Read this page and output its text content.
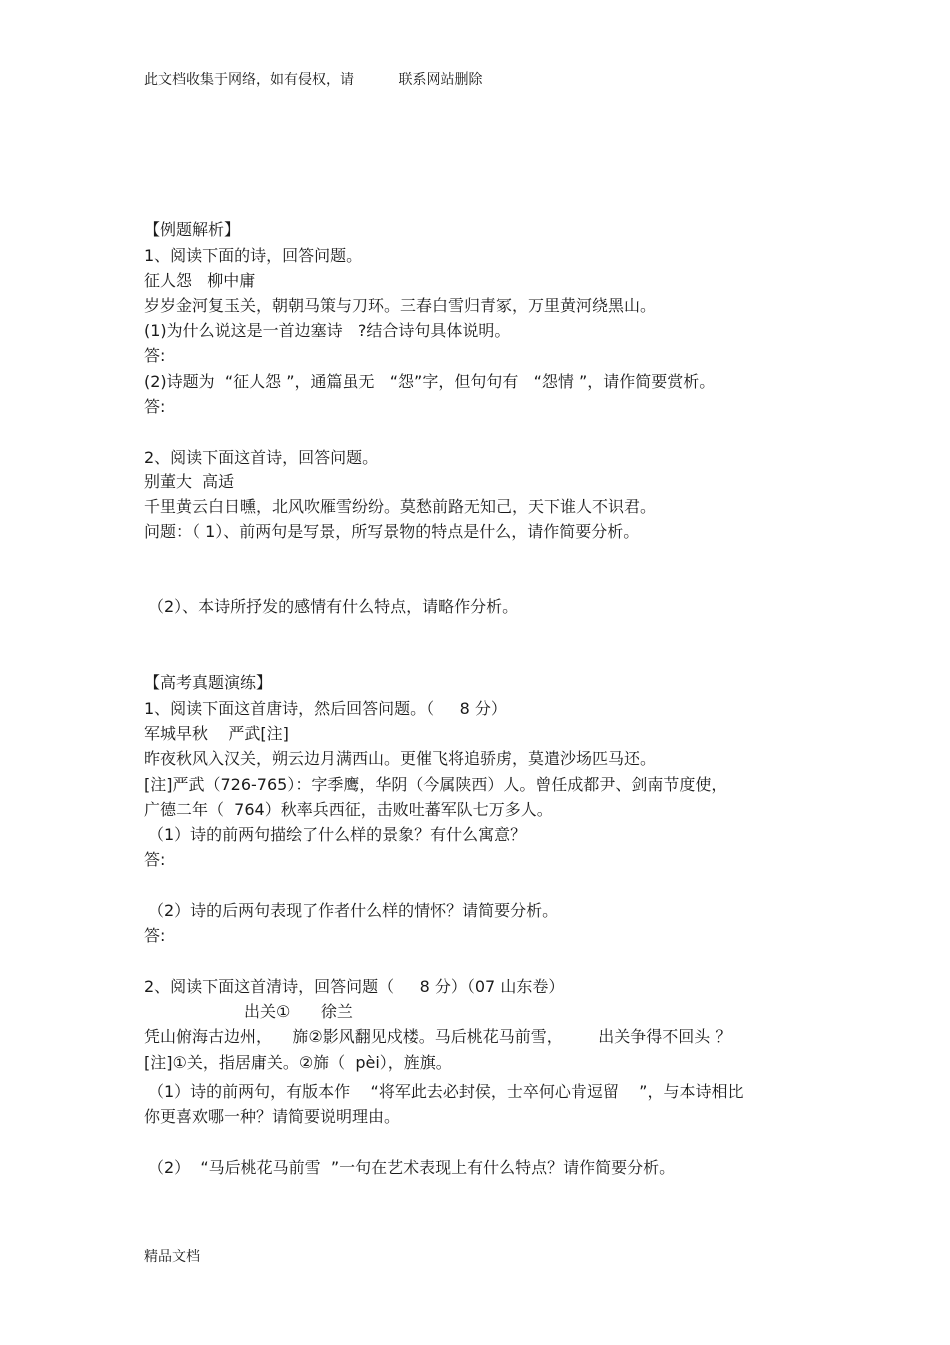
此文档收集于网络，如有侵权，请          联系网站删除
【例题解析】
1、阅读下面的诗，回答问题。
征人怨   柳中庸
岁岁金河复玉关，朝朝马策与刀环。三春白雪归青冢，万里黄河绕黑山。
(1)为什么说这是一首边塞诗   ?结合诗句具体说明。
答:
(2)诗题为  “征人怨 ”，通篇虽无   “怨”字，但句句有   “怨情 ”，请作简要赏析。
答:
2、阅读下面这首诗，回答问题。
别董大  高适
千里黄云白日曛，北风吹雁雪纷纷。莫愁前路无知己，天下谁人不识君。
问题：（ 1）、前两句是写景，所写景物的特点是什么，请作简要分析。
（2）、本诗所抒发的感情有什么特点，请略作分析。
【高考真题演练】
1、阅读下面这首唐诗，然后回答问题。（     8 分）
军城早秋    严武[注]
昨夜秋风入汉关，朔云边月满西山。更催飞将追骄虏，莫遣沙场匹马还。
[注]严武（726-765）：字季鹰，华阴（今属陕西）人。曾任成都尹、剑南节度使，
广德二年（  764）秋率兵西征，击败吐蕃军队七万多人。
（1）诗的前两句描绘了什么样的景象？有什么寓意？
答:
（2）诗的后两句表现了作者什么样的情怀？请简要分析。
答:
2、阅读下面这首清诗，回答问题（     8 分）（07 山东卷）
出关①      徐兰
凭山俯海古边州，    旆②影风翻见戍楼。马后桃花马前雪，       出关争得不回头 ？
[注]①关，指居庸关。②旆（  pèi），旌旗。
（1）诗的前两句，有版本作    “将军此去必封侯，士卒何心肯逗留    ”，与本诗相比
你更喜欢哪一种？请简要说明理由。
（2）  “马后桃花马前雪  ”一句在艺术表现上有什么特点？请作简要分析。
精品文档
